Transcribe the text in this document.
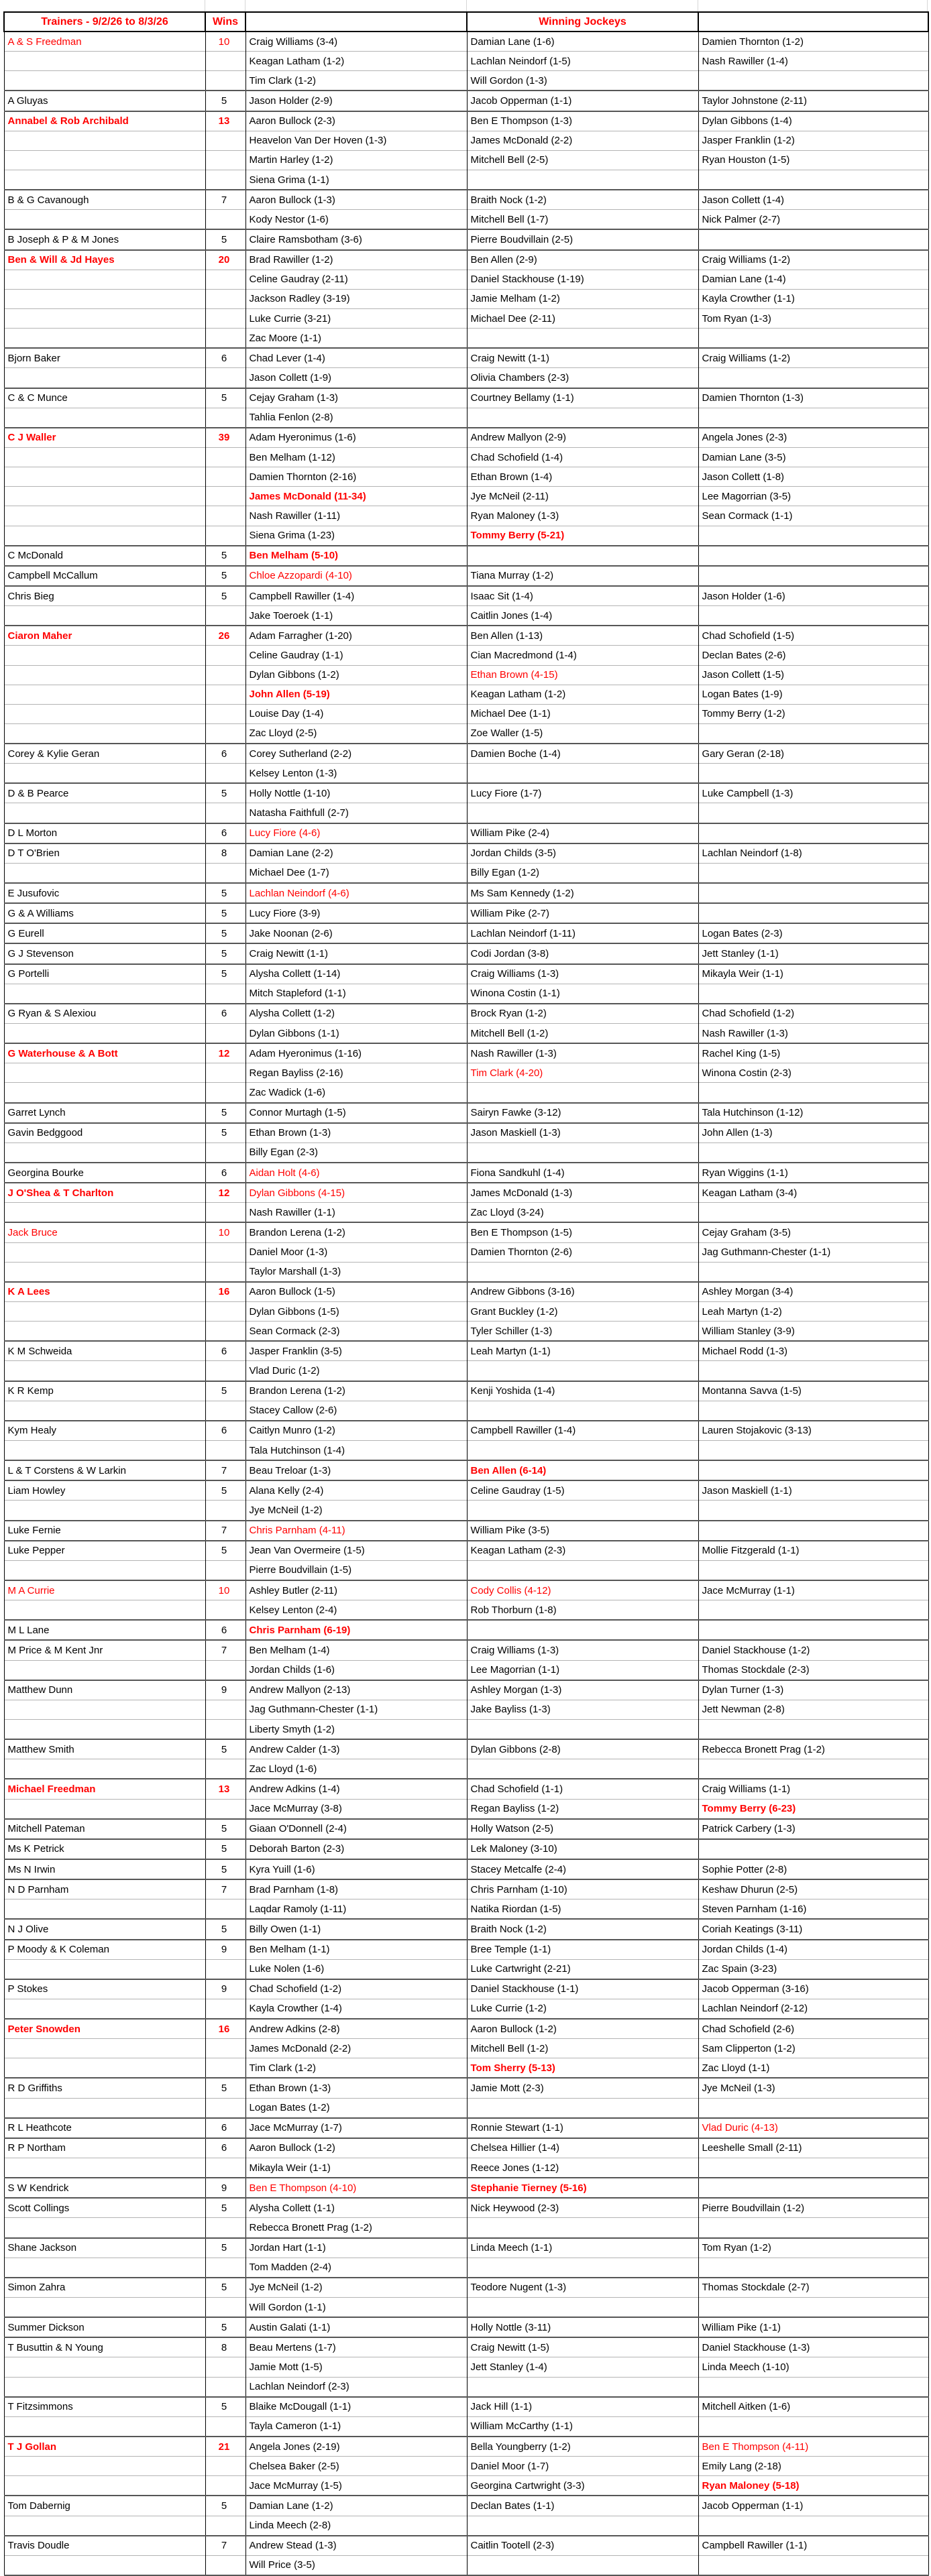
Trainers - 9/2/26 to 8/3/26	Wins		Winning Jockeys	
A & S Freedman	10	Craig Williams (3-4)	Damian Lane (1-6)	Damien Thornton (1-2)
		Keagan Latham (1-2)	Lachlan Neindorf (1-5)	Nash Rawiller (1-4)
		Tim Clark (1-2)	Will Gordon (1-3)	
A Gluyas	5	Jason Holder (2-9)	Jacob Opperman (1-1)	Taylor Johnstone (2-11)
Annabel & Rob Archibald	13	Aaron Bullock (2-3)	Ben E Thompson (1-3)	Dylan Gibbons (1-4)
		Heavelon Van Der Hoven (1-3)	James McDonald (2-2)	Jasper Franklin (1-2)
		Martin Harley (1-2)	Mitchell Bell (2-5)	Ryan Houston (1-5)
		Siena Grima (1-1)		
B & G Cavanough	7	Aaron Bullock (1-3)	Braith Nock (1-2)	Jason Collett (1-4)
		Kody Nestor (1-6)	Mitchell Bell (1-7)	Nick Palmer (2-7)
B Joseph & P & M Jones	5	Claire Ramsbotham (3-6)	Pierre Boudvillain (2-5)	
Ben & Will & Jd Hayes	20	Brad Rawiller (1-2)	Ben Allen (2-9)	Craig Williams (1-2)
		Celine Gaudray (2-11)	Daniel Stackhouse (1-19)	Damian Lane (1-4)
		Jackson Radley (3-19)	Jamie Melham (1-2)	Kayla Crowther (1-1)
		Luke Currie (3-21)	Michael Dee (2-11)	Tom Ryan (1-3)
		Zac Moore (1-1)		
Bjorn Baker	6	Chad Lever (1-4)	Craig Newitt (1-1)	Craig Williams (1-2)
		Jason Collett (1-9)	Olivia Chambers (2-3)	
C & C Munce	5	Cejay Graham (1-3)	Courtney Bellamy (1-1)	Damien Thornton (1-3)
		Tahlia Fenlon (2-8)		
C J Waller	39	Adam Hyeronimus (1-6)	Andrew Mallyon (2-9)	Angela Jones (2-3)
		Ben Melham (1-12)	Chad Schofield (1-4)	Damian Lane (3-5)
		Damien Thornton (2-16)	Ethan Brown (1-4)	Jason Collett (1-8)
		James McDonald (11-34)	Jye McNeil (2-11)	Lee Magorrian (3-5)
		Nash Rawiller (1-11)	Ryan Maloney (1-3)	Sean Cormack (1-1)
		Siena Grima (1-23)	Tommy Berry (5-21)	
C McDonald	5	Ben Melham (5-10)		
Campbell McCallum	5	Chloe Azzopardi (4-10)	Tiana Murray (1-2)	
Chris Bieg	5	Campbell Rawiller (1-4)	Isaac Sit (1-4)	Jason Holder (1-6)
		Jake Toeroek (1-1)	Caitlin Jones (1-4)	
Ciaron Maher	26	Adam Farragher (1-20)	Ben Allen (1-13)	Chad Schofield (1-5)
		Celine Gaudray (1-1)	Cian Macredmond (1-4)	Declan Bates (2-6)
		Dylan Gibbons (1-2)	Ethan Brown (4-15)	Jason Collett (1-5)
		John Allen (5-19)	Keagan Latham (1-2)	Logan Bates (1-9)
		Louise Day (1-4)	Michael Dee (1-1)	Tommy Berry (1-2)
		Zac Lloyd (2-5)	Zoe Waller (1-5)	
Corey & Kylie Geran	6	Corey Sutherland (2-2)	Damien Boche (1-4)	Gary Geran (2-18)
		Kelsey Lenton (1-3)		
D & B Pearce	5	Holly Nottle (1-10)	Lucy Fiore (1-7)	Luke Campbell (1-3)
		Natasha Faithfull (2-7)		
D L Morton	6	Lucy Fiore (4-6)	William Pike (2-4)	
D T O'Brien	8	Damian Lane (2-2)	Jordan Childs (3-5)	Lachlan Neindorf (1-8)
		Michael Dee (1-7)	Billy Egan (1-2)	
E Jusufovic	5	Lachlan Neindorf (4-6)	Ms Sam Kennedy (1-2)	
G & A Williams	5	Lucy Fiore (3-9)	William Pike (2-7)	
G Eurell	5	Jake Noonan (2-6)	Lachlan Neindorf (1-11)	Logan Bates (2-3)
G J Stevenson	5	Craig Newitt (1-1)	Codi Jordan (3-8)	Jett Stanley (1-1)
G Portelli	5	Alysha Collett (1-14)	Craig Williams (1-3)	Mikayla Weir (1-1)
		Mitch Stapleford (1-1)	Winona Costin (1-1)	
G Ryan & S Alexiou	6	Alysha Collett (1-2)	Brock Ryan (1-2)	Chad Schofield (1-2)
		Dylan Gibbons (1-1)	Mitchell Bell (1-2)	Nash Rawiller (1-3)
G Waterhouse & A Bott	12	Adam Hyeronimus (1-16)	Nash Rawiller (1-3)	Rachel King (1-5)
		Regan Bayliss (2-16)	Tim Clark (4-20)	Winona Costin (2-3)
		Zac Wadick (1-6)		
Garret Lynch	5	Connor Murtagh (1-5)	Sairyn Fawke (3-12)	Tala Hutchinson (1-12)
Gavin Bedggood	5	Ethan Brown (1-3)	Jason Maskiell (1-3)	John Allen (1-3)
		Billy Egan (2-3)		
Georgina Bourke	6	Aidan Holt (4-6)	Fiona Sandkuhl (1-4)	Ryan Wiggins (1-1)
J O'Shea & T Charlton	12	Dylan Gibbons (4-15)	James McDonald (1-3)	Keagan Latham (3-4)
		Nash Rawiller (1-1)	Zac Lloyd (3-24)	
Jack Bruce	10	Brandon Lerena (1-2)	Ben E Thompson (1-5)	Cejay Graham (3-5)
		Daniel Moor (1-3)	Damien Thornton (2-6)	Jag Guthmann-Chester (1-1)
		Taylor Marshall (1-3)		
K A Lees	16	Aaron Bullock (1-5)	Andrew Gibbons (3-16)	Ashley Morgan (3-4)
		Dylan Gibbons (1-5)	Grant Buckley (1-2)	Leah Martyn (1-2)
		Sean Cormack (2-3)	Tyler Schiller (1-3)	William Stanley (3-9)
K M Schweida	6	Jasper Franklin (3-5)	Leah Martyn (1-1)	Michael Rodd (1-3)
		Vlad Duric (1-2)		
K R Kemp	5	Brandon Lerena (1-2)	Kenji Yoshida (1-4)	Montanna Savva (1-5)
		Stacey Callow (2-6)		
Kym Healy	6	Caitlyn Munro (1-2)	Campbell Rawiller (1-4)	Lauren Stojakovic (3-13)
		Tala Hutchinson (1-4)		
L & T Corstens & W Larkin	7	Beau Treloar (1-3)	Ben Allen (6-14)	
Liam Howley	5	Alana Kelly (2-4)	Celine Gaudray (1-5)	Jason Maskiell (1-1)
		Jye McNeil (1-2)		
Luke Fernie	7	Chris Parnham (4-11)	William Pike (3-5)	
Luke Pepper	5	Jean Van Overmeire (1-5)	Keagan Latham (2-3)	Mollie Fitzgerald (1-1)
		Pierre Boudvillain (1-5)		
M A Currie	10	Ashley Butler (2-11)	Cody Collis (4-12)	Jace McMurray (1-1)
		Kelsey Lenton (2-4)	Rob Thorburn (1-8)	
M L Lane	6	Chris Parnham (6-19)		
M Price & M Kent Jnr	7	Ben Melham (1-4)	Craig Williams (1-3)	Daniel Stackhouse (1-2)
		Jordan Childs (1-6)	Lee Magorrian (1-1)	Thomas Stockdale (2-3)
Matthew Dunn	9	Andrew Mallyon (2-13)	Ashley Morgan (1-3)	Dylan Turner (1-3)
		Jag Guthmann-Chester (1-1)	Jake Bayliss (1-3)	Jett Newman (2-8)
		Liberty Smyth (1-2)		
Matthew Smith	5	Andrew Calder (1-3)	Dylan Gibbons (2-8)	Rebecca Bronett Prag (1-2)
		Zac Lloyd (1-6)		
Michael Freedman	13	Andrew Adkins (1-4)	Chad Schofield (1-1)	Craig Williams (1-1)
		Jace McMurray (3-8)	Regan Bayliss (1-2)	Tommy Berry (6-23)
Mitchell Pateman	5	Giaan O'Donnell (2-4)	Holly Watson (2-5)	Patrick Carbery (1-3)
Ms K Petrick	5	Deborah Barton (2-3)	Lek Maloney (3-10)	
Ms N Irwin	5	Kyra Yuill (1-6)	Stacey Metcalfe (2-4)	Sophie Potter (2-8)
N D Parnham	7	Brad Parnham (1-8)	Chris Parnham (1-10)	Keshaw Dhurun (2-5)
		Laqdar Ramoly (1-11)	Natika Riordan (1-5)	Steven Parnham (1-16)
N J Olive	5	Billy Owen (1-1)	Braith Nock (1-2)	Coriah Keatings (3-11)
P Moody & K Coleman	9	Ben Melham (1-1)	Bree Temple (1-1)	Jordan Childs (1-4)
		Luke Nolen (1-6)	Luke Cartwright (2-21)	Zac Spain (3-23)
P Stokes	9	Chad Schofield (1-2)	Daniel Stackhouse (1-1)	Jacob Opperman (3-16)
		Kayla Crowther (1-4)	Luke Currie (1-2)	Lachlan Neindorf (2-12)
Peter Snowden	16	Andrew Adkins (2-8)	Aaron Bullock (1-2)	Chad Schofield (2-6)
		James McDonald (2-2)	Mitchell Bell (1-2)	Sam Clipperton (1-2)
		Tim Clark (1-2)	Tom Sherry (5-13)	Zac Lloyd (1-1)
R D Griffiths	5	Ethan Brown (1-3)	Jamie Mott (2-3)	Jye McNeil (1-3)
		Logan Bates (1-2)		
R L Heathcote	6	Jace McMurray (1-7)	Ronnie Stewart (1-1)	Vlad Duric (4-13)
R P Northam	6	Aaron Bullock (1-2)	Chelsea Hillier (1-4)	Leeshelle Small (2-11)
		Mikayla Weir (1-1)	Reece Jones (1-12)	
S W Kendrick	9	Ben E Thompson (4-10)	Stephanie Tierney (5-16)	
Scott Collings	5	Alysha Collett (1-1)	Nick Heywood (2-3)	Pierre Boudvillain (1-2)
		Rebecca Bronett Prag (1-2)		
Shane Jackson	5	Jordan Hart (1-1)	Linda Meech (1-1)	Tom Ryan (1-2)
		Tom Madden (2-4)		
Simon Zahra	5	Jye McNeil (1-2)	Teodore Nugent (1-3)	Thomas Stockdale (2-7)
		Will Gordon (1-1)		
Summer Dickson	5	Austin Galati (1-1)	Holly Nottle (3-11)	William Pike (1-1)
T Busuttin & N Young	8	Beau Mertens (1-7)	Craig Newitt (1-5)	Daniel Stackhouse (1-3)
		Jamie Mott (1-5)	Jett Stanley (1-4)	Linda Meech (1-10)
		Lachlan Neindorf (2-3)		
T Fitzsimmons	5	Blaike McDougall (1-1)	Jack Hill (1-1)	Mitchell Aitken (1-6)
		Tayla Cameron (1-1)	William McCarthy (1-1)	
T J Gollan	21	Angela Jones (2-19)	Bella Youngberry (1-2)	Ben E Thompson (4-11)
		Chelsea Baker (2-5)	Daniel Moor (1-7)	Emily Lang (2-18)
		Jace McMurray (1-5)	Georgina Cartwright (3-3)	Ryan Maloney (5-18)
Tom Dabernig	5	Damian Lane (1-2)	Declan Bates (1-1)	Jacob Opperman (1-1)
		Linda Meech (2-8)		
Travis Doudle	7	Andrew Stead (1-3)	Caitlin Tootell (2-3)	Campbell Rawiller (1-1)
		Will Price (3-5)		
